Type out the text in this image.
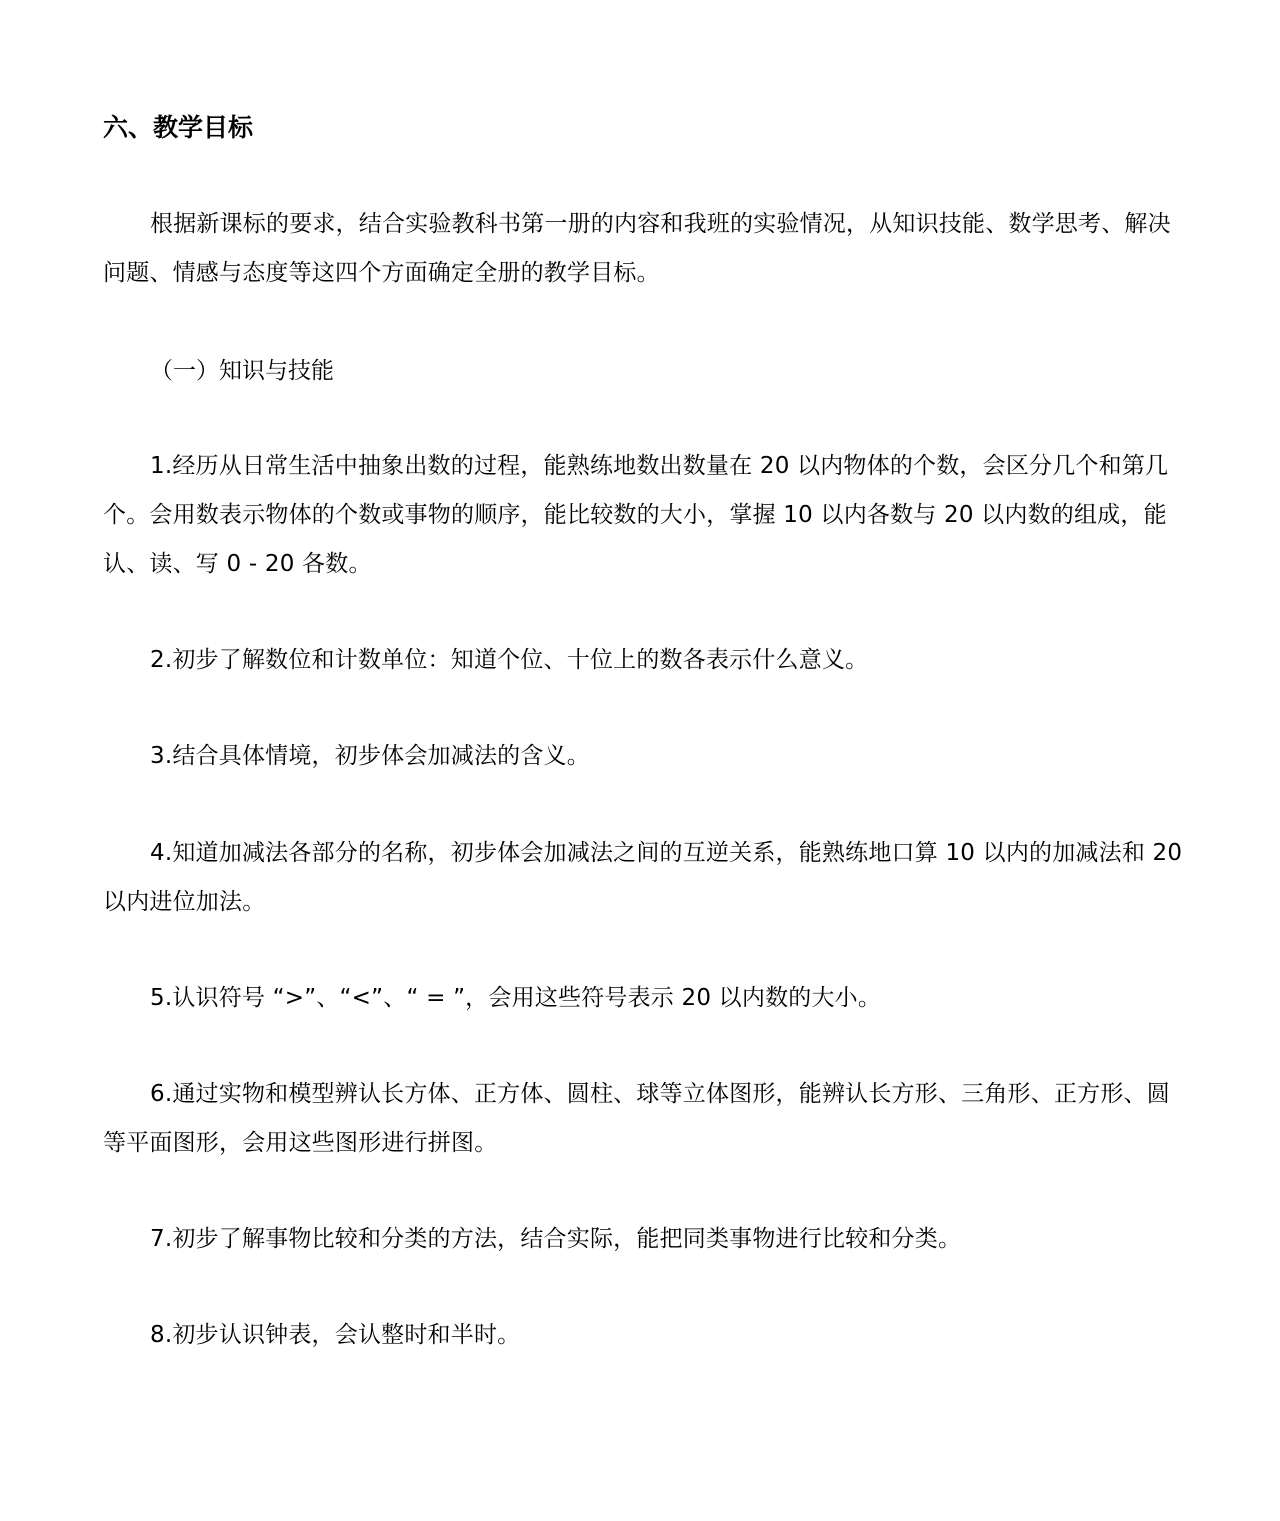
六、教学目标

根据新课标的要求，结合实验教科书第一册的内容和我班的实验情况，从知识技能、数学思考、解决问题、情感与态度等这四个方面确定全册的教学目标。

（一）知识与技能

1.经历从日常生活中抽象出数的过程，能熟练地数出数量在 20 以内物体的个数，会区分几个和第几个。会用数表示物体的个数或事物的顺序，能比较数的大小，掌握 10 以内各数与 20 以内数的组成，能认、读、写 0 - 20 各数。

2.初步了解数位和计数单位：知道个位、十位上的数各表示什么意义。

3.结合具体情境，初步体会加减法的含义。

4.知道加减法各部分的名称，初步体会加减法之间的互逆关系，能熟练地口算 10 以内的加减法和 20 以内进位加法。

5.认识符号 “>”、“<”、“ = ”，会用这些符号表示 20 以内数的大小。

6.通过实物和模型辨认长方体、正方体、圆柱、球等立体图形，能辨认长方形、三角形、正方形、圆等平面图形，会用这些图形进行拼图。

7.初步了解事物比较和分类的方法，结合实际，能把同类事物进行比较和分类。

8.初步认识钟表，会认整时和半时。
